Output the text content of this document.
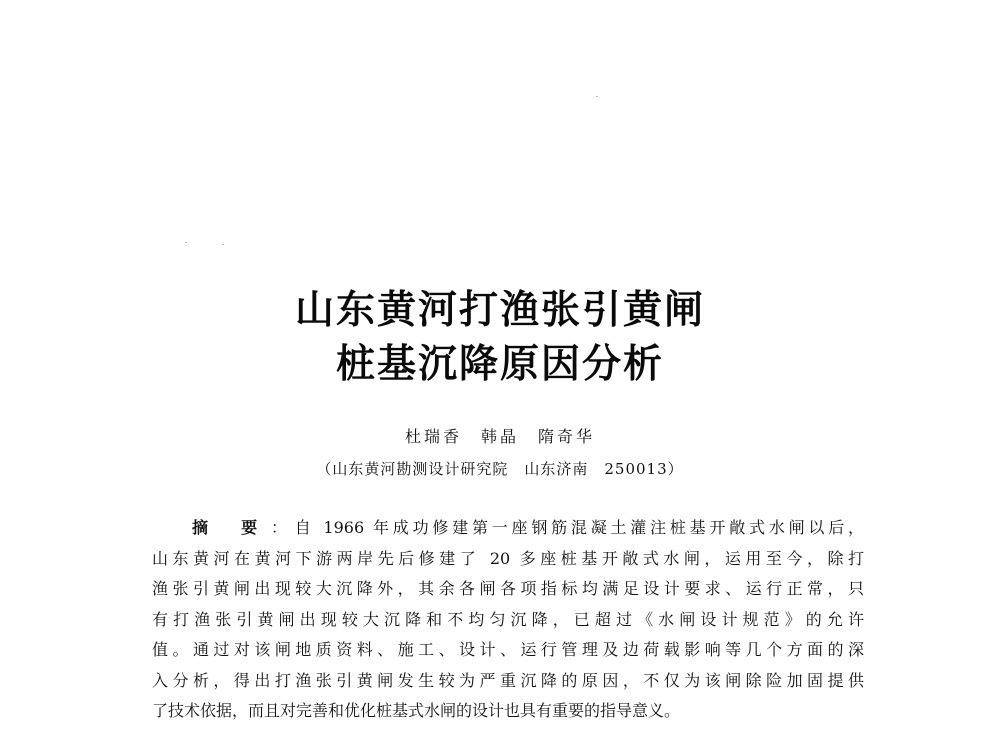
山东黄河打渔张引黄闸
桩基沉降原因分析
杜瑞香　韩晶　隋奇华
（山东黄河勘测设计研究院　山东济南　250013）
摘 要： 自 1966 年成功修建第一座钢筋混凝土灌注桩基开敞式水闸以后，
山东黄河在黄河下游两岸先后修建了 20 多座桩基开敞式水闸，运用至今，除打
渔张引黄闸出现较大沉降外，其余各闸各项指标均满足设计要求、运行正常，只
有打渔张引黄闸出现较大沉降和不均匀沉降，已超过《水闸设计规范》的允许
值。通过对该闸地质资料、施工、设计、运行管理及边荷载影响等几个方面的深
入分析，得出打渔张引黄闸发生较为严重沉降的原因，不仅为该闸除险加固提供
了技术依据，而且对完善和优化桩基式水闸的设计也具有重要的指导意义。
